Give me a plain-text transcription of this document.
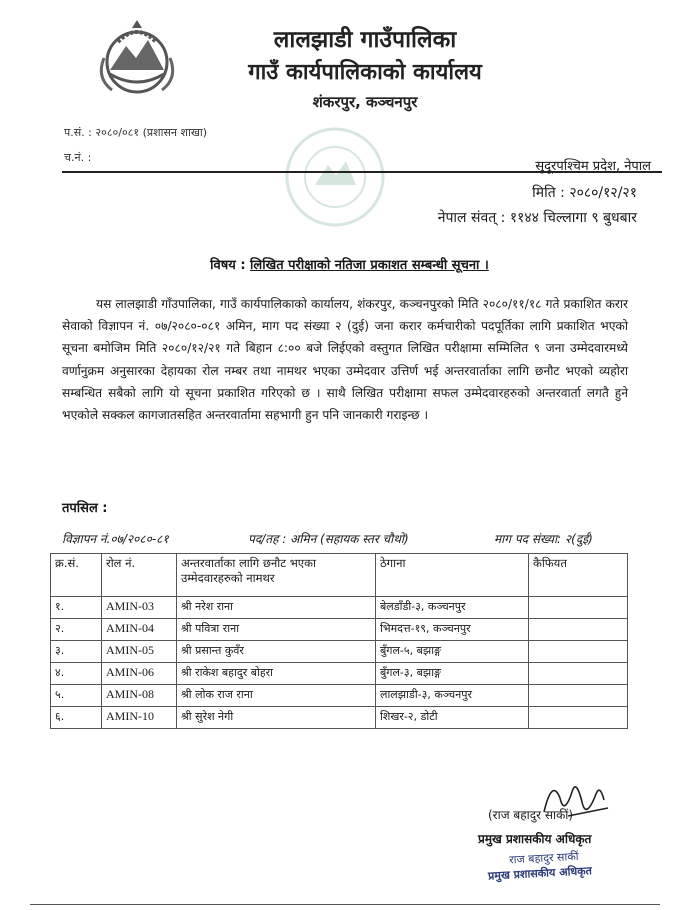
लालझाडी गाउँपालिका
गाउँ कार्यपालिकाको कार्यालय
शंकरपुर, कञ्चनपुर
प.सं. : २०८०/०८१ (प्रशासन शाखा)
च.नं. :
सुदूरपश्चिम प्रदेश, नेपाल
मिति : २०८०/१२/२१
नेपाल संवत् : ११४४ चिल्लागा ९ बुधबार
विषय : लिखित परीक्षाको नतिजा प्रकाशत सम्बन्धी सूचना ।

यस लालझाडी गाँउपालिका, गाउँ कार्यपालिकाको कार्यालय, शंकरपुर, कञ्चनपुरको मिति २०८०/११/१८ गते प्रकाशित करार सेवाको विज्ञापन नं. ०७/२०८०-०८१ अमिन, माग पद संख्या २ (दुई) जना करार कर्मचारीको पदपूर्तिका लागि प्रकाशित भएको सूचना बमोजिम मिति २०८०/१२/२१ गते बिहान ८:०० बजे लिईएको वस्तुगत लिखित परीक्षामा सम्मिलित ९ जना उम्मेदवारमध्ये वर्णानुक्रम अनुसारका देहायका रोल नम्बर तथा नामथर भएका उम्मेदवार उत्तिर्ण भई अन्तरवार्ताका लागि छनौट भएको व्यहोरा सम्बन्धित सबैको लागि यो सूचना प्रकाशित गरिएको छ । साथै लिखित परीक्षामा सफल उम्मेदवारहरुको अन्तरवार्ता लगतै हुने भएकोले सक्कल कागजातसहित अन्तरवार्तामा सहभागी हुन पनि जानकारी गराइन्छ ।

तपसिल :
विज्ञापन नं.०७/२०८०-८१	पद/तह : अमिन (सहायक स्तर चौथो)	माग पद संख्या: २(दुई)
क्र.सं.	रोल नं.	अन्तरवार्ताका लागि छनौट भएका उम्मेदवारहरुको नामथर	ठेगाना	कैफियत
१.	AMIN-03	श्री नरेश राना	बेलडाँडी-३, कञ्चनपुर	
२.	AMIN-04	श्री पवित्रा राना	भिमदत्त-१९, कञ्चनपुर	
३.	AMIN-05	श्री प्रसान्त कुवँर	बुँगल-५, बझाङ्ग	
४.	AMIN-06	श्री राकेश बहादुर बोहरा	बुँगल-३, बझाङ्ग	
५.	AMIN-08	श्री लोक राज राना	लालझाडी-३, कञ्चनपुर	
६.	AMIN-10	श्री सुरेश नेगी	शिखर-२, डोटी	
(राज बहादुर साकीं)
प्रमुख प्रशासकीय अधिकृत
राज बहादुर साकीं
प्रमुख प्रशासकीय अधिकृत
